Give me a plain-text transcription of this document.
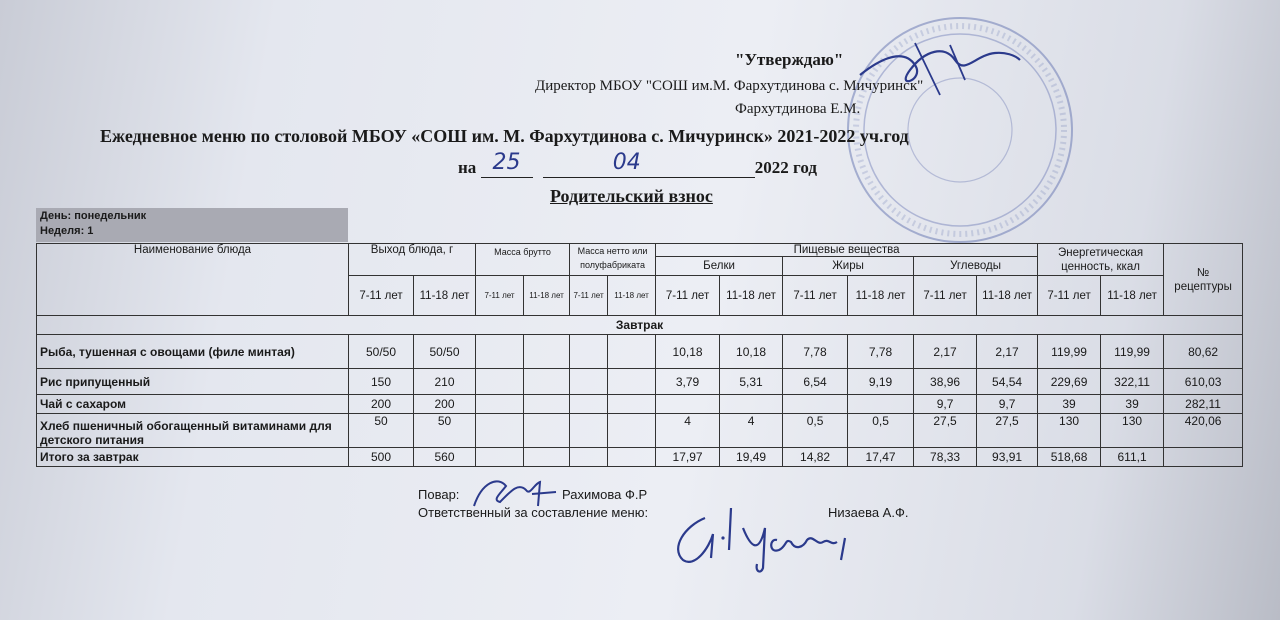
"Утверждаю"
Директор МБОУ "СОШ им.М. Фархутдинова с. Мичуринск"
Фархутдинова Е.М.
Ежедневное меню по столовой МБОУ «СОШ им. М. Фархутдинова с. Мичуринск» 2021-2022 уч.год
на 25
	04	2022 год
Родительский взнос
День: понедельник
Неделя: 1
Наименование блюда	Выход блюда, г		Масса брутто		Масса нетто или полуфабриката		Пищевые вещества						Энергетическая ценность, ккал		№ рецептуры
							Белки		Жиры		Углеводы				
	7-11 лет	11-18 лет	7-11 лет	11-18 лет	7-11 лет	11-18 лет	7-11 лет	11-18 лет	7-11 лет	11-18 лет	7-11 лет	11-18 лет	7-11 лет	11-18 лет	
Завтрак															
Рыба, тушенная с овощами (филе минтая)	50/50	50/50					10,18	10,18	7,78	7,78	2,17	2,17	119,99	119,99	80,62
Рис припущенный	150	210					3,79	5,31	6,54	9,19	38,96	54,54	229,69	322,11	610,03
Чай с сахаром	200	200									9,7	9,7	39	39	282,11
Хлеб пшеничный обогащенный витаминами для детского питания	50	50					4	4	0,5	0,5	27,5	27,5	130	130	420,06
Итого за завтрак	500	560					17,97	19,49	14,82	17,47	78,33	93,91	518,68	611,1	
Повар:	Рахимова Ф.Р
Ответственный за составление меню:	Низаева А.Ф.
